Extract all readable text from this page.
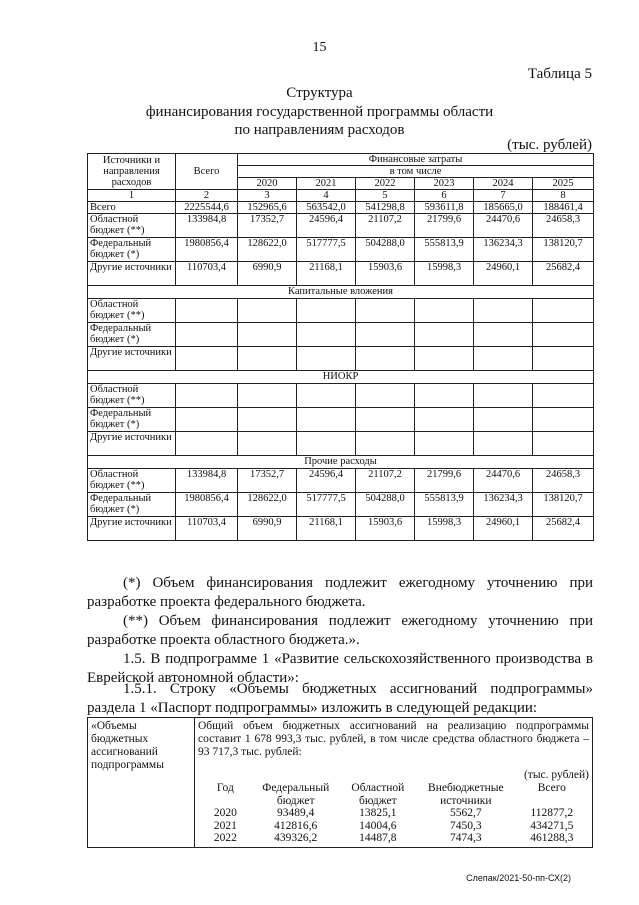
15
Таблица 5
Структура
финансирования государственной программы области
по направлениям расходов
(тыс. рублей)
Источники и направления расходов	Всего	Финансовые затраты					
		в том числе					
		2020	2021	2022	2023	2024	2025
1	2	3	4	5	6	7	8
Всего	2225544,6	152965,6	563542,0	541298,8	593611,8	185665,0	188461,4
Областной бюджет (**)	133984,8	17352,7	24596,4	21107,2	21799,6	24470,6	24658,3
Федеральный бюджет (*)	1980856,4	128622,0	517777,5	504288,0	555813,9	136234,3	138120,7
Другие источники	110703,4	6990,9	21168,1	15903,6	15998,3	24960,1	25682,4
Капитальные вложения							
Областной бюджет (**)							
Федеральный бюджет (*)							
Другие источники							
НИОКР							
Областной бюджет (**)							
Федеральный бюджет (*)							
Другие источники							
Прочие расходы							
Областной бюджет (**)	133984,8	17352,7	24596,4	21107,2	21799,6	24470,6	24658,3
Федеральный бюджет (*)	1980856,4	128622,0	517777,5	504288,0	555813,9	136234,3	138120,7
Другие источники	110703,4	6990,9	21168,1	15903,6	15998,3	24960,1	25682,4
(*) Объем финансирования подлежит ежегодному уточнению при разработке проекта федерального бюджета.
(**) Объем финансирования подлежит ежегодному уточнению при разработке проекта областного бюджета.».
1.5. В подпрограмме 1 «Развитие сельскохозяйственного производства в Еврейской автономной области»:
1.5.1. Строку «Объемы бюджетных ассигнований подпрограммы» раздела 1 «Паспорт подпрограммы» изложить в следующей редакции:
«Объемы бюджетных ассигнований подпрограммы	
Общий объем бюджетных ассигнований на реализацию подпрограммы составит 1 678 993,3 тыс. рублей, в том числе средства областного бюджета – 93 717,3 тыс. рублей:
(тыс. рублей)
Год	Федеральный бюджет	Областной бюджет	Внебюджетные источники	Всего
2020	93489,4	13825,1	5562,7	112877,2
2021	412816,6	14004,6	7450,3	434271,5
2022	439326,2	14487,8	7474,3	461288,3
Слепак/2021-50-пп-СХ(2)
